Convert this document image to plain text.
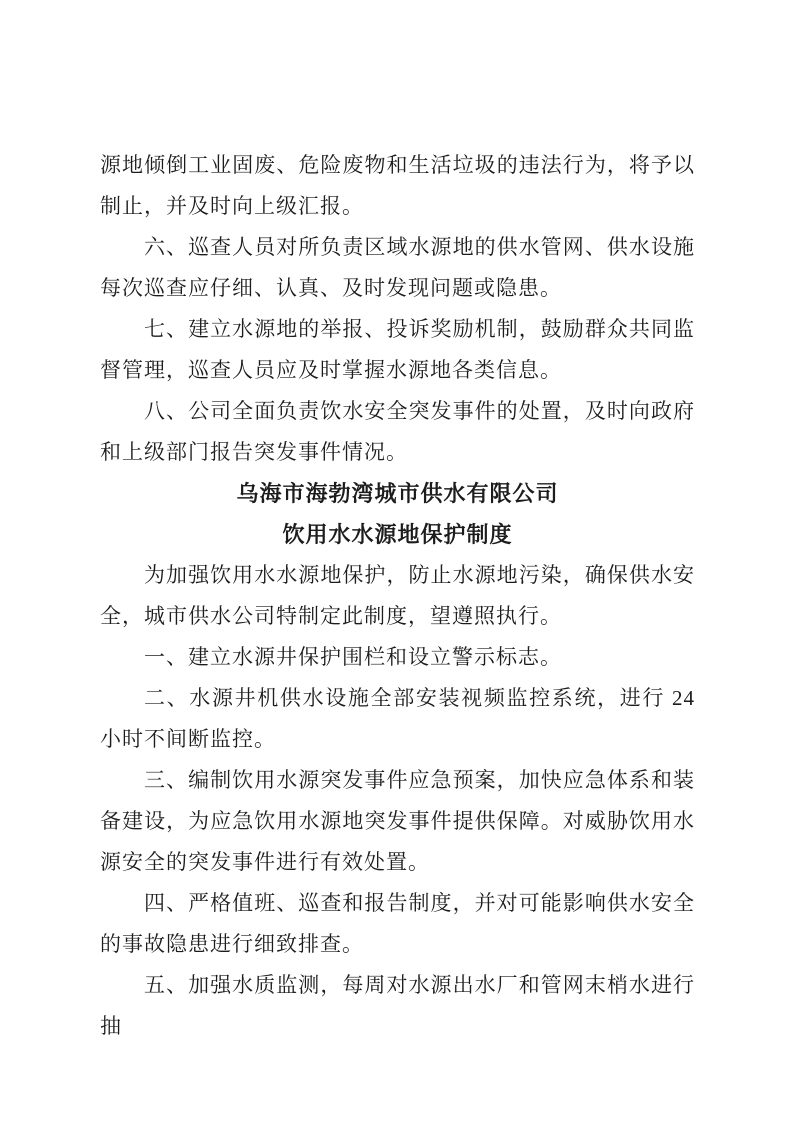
源地倾倒工业固废、危险废物和生活垃圾的违法行为，将予以制止，并及时向上级汇报。

六、巡查人员对所负责区域水源地的供水管网、供水设施每次巡查应仔细、认真、及时发现问题或隐患。

七、建立水源地的举报、投诉奖励机制，鼓励群众共同监督管理，巡查人员应及时掌握水源地各类信息。

八、公司全面负责饮水安全突发事件的处置，及时向政府和上级部门报告突发事件情况。

乌海市海勃湾城市供水有限公司
饮用水水源地保护制度

为加强饮用水水源地保护，防止水源地污染，确保供水安全，城市供水公司特制定此制度，望遵照执行。

一、建立水源井保护围栏和设立警示标志。

二、水源井机供水设施全部安装视频监控系统，进行 24 小时不间断监控。

三、编制饮用水源突发事件应急预案，加快应急体系和装备建设，为应急饮用水源地突发事件提供保障。对威胁饮用水源安全的突发事件进行有效处置。

四、严格值班、巡查和报告制度，并对可能影响供水安全的事故隐患进行细致排查。

五、加强水质监测，每周对水源出水厂和管网末梢水进行抽
